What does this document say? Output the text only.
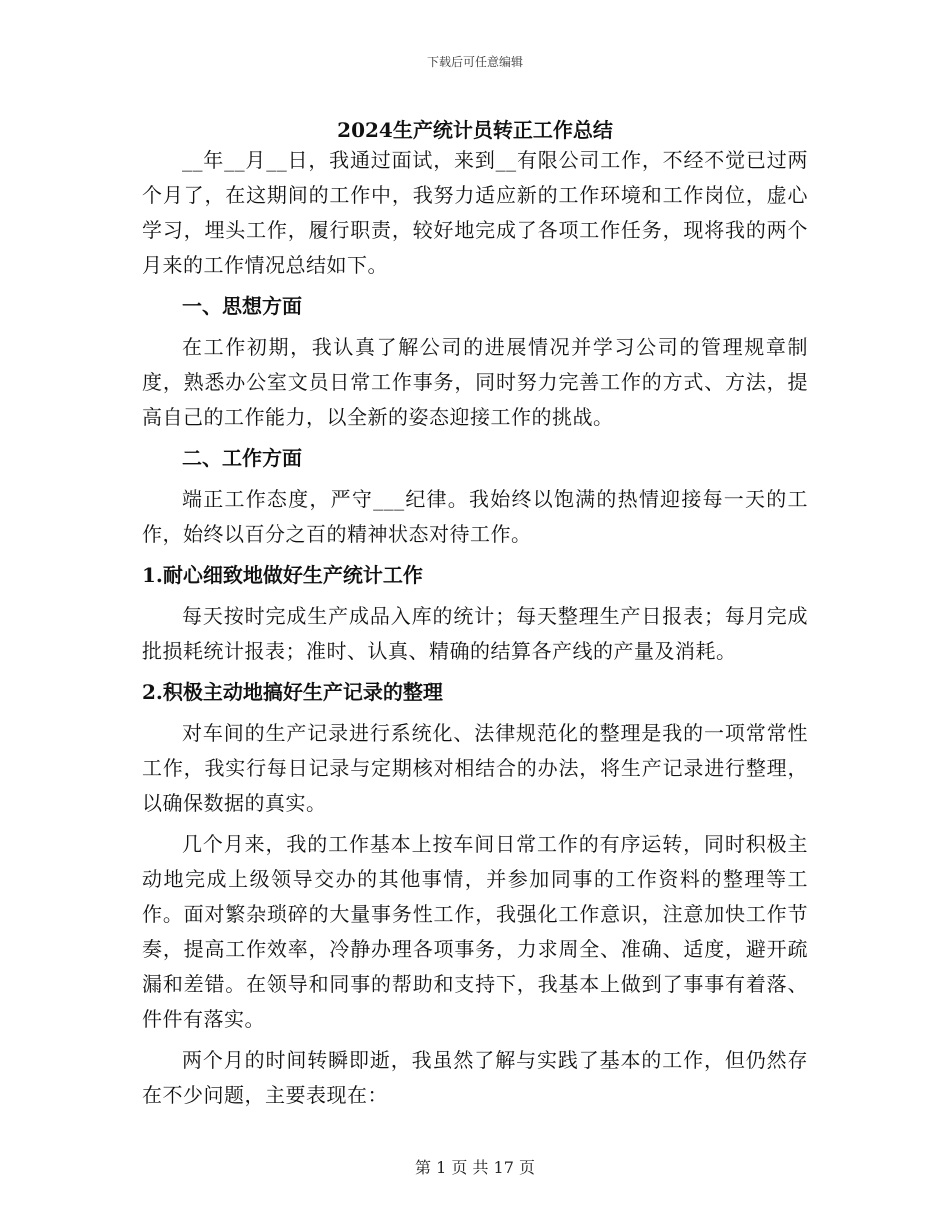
下载后可任意编辑
2024生产统计员转正工作总结

__年__月__日，我通过面试，来到__有限公司工作，不经不觉已过两个月了，在这期间的工作中，我努力适应新的工作环境和工作岗位，虚心学习，埋头工作，履行职责，较好地完成了各项工作任务，现将我的两个月来的工作情况总结如下。

一、思想方面

在工作初期，我认真了解公司的进展情况并学习公司的管理规章制度，熟悉办公室文员日常工作事务，同时努力完善工作的方式、方法，提高自己的工作能力，以全新的姿态迎接工作的挑战。

二、工作方面

端正工作态度，严守___纪律。我始终以饱满的热情迎接每一天的工作，始终以百分之百的精神状态对待工作。

1.耐心细致地做好生产统计工作

每天按时完成生产成品入库的统计；每天整理生产日报表；每月完成批损耗统计报表；准时、认真、精确的结算各产线的产量及消耗。

2.积极主动地搞好生产记录的整理

对车间的生产记录进行系统化、法律规范化的整理是我的一项常常性工作，我实行每日记录与定期核对相结合的办法，将生产记录进行整理，以确保数据的真实。

几个月来，我的工作基本上按车间日常工作的有序运转，同时积极主动地完成上级领导交办的其他事情，并参加同事的工作资料的整理等工作。面对繁杂琐碎的大量事务性工作，我强化工作意识，注意加快工作节奏，提高工作效率，冷静办理各项事务，力求周全、准确、适度，避开疏漏和差错。在领导和同事的帮助和支持下，我基本上做到了事事有着落、件件有落实。

两个月的时间转瞬即逝，我虽然了解与实践了基本的工作，但仍然存在不少问题，主要表现在：

第 1 页 共 17 页
